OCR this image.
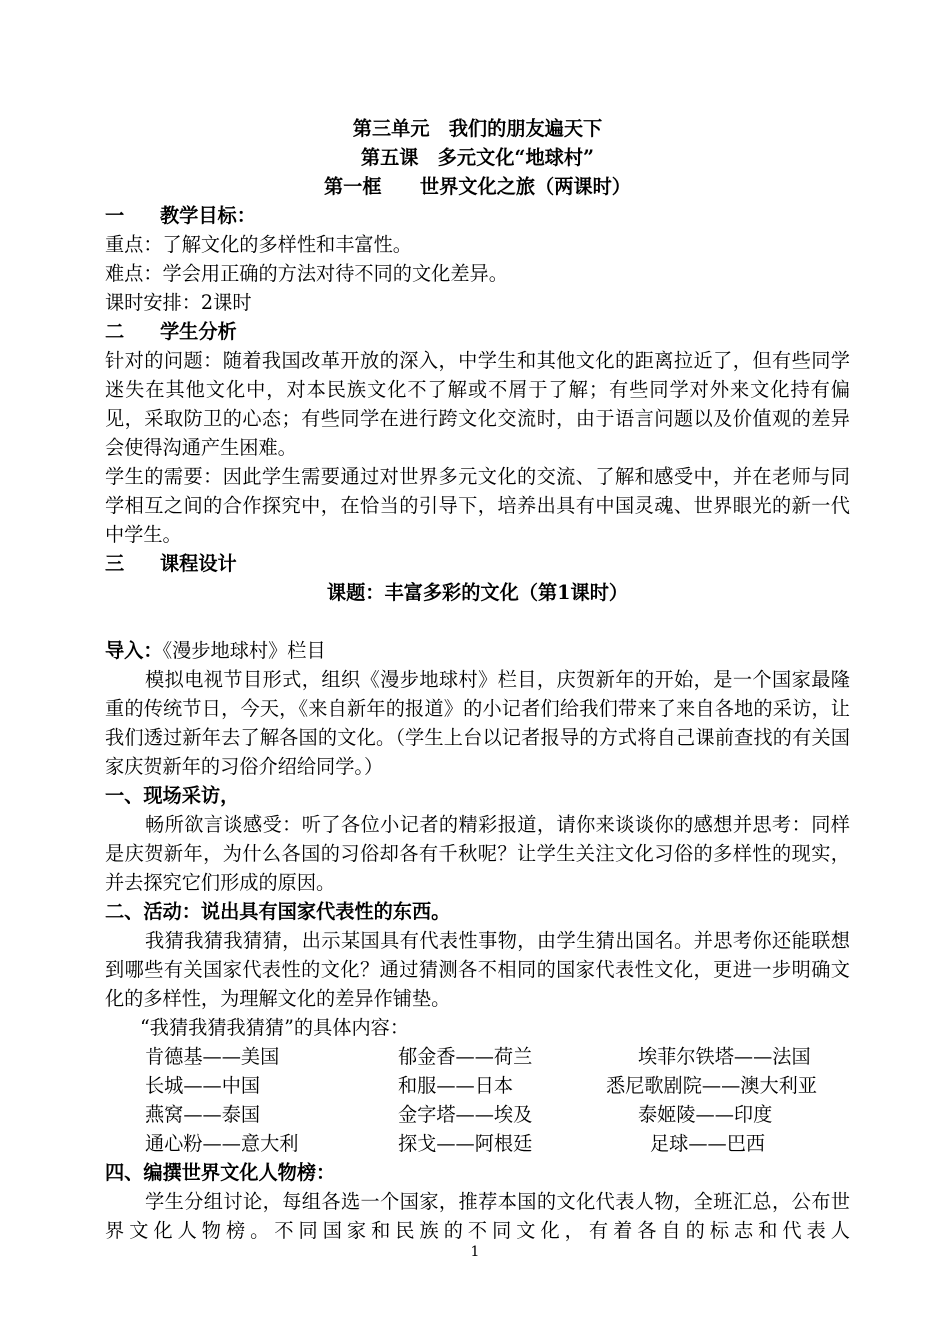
第三单元　我们的朋友遍天下
第五课　多元文化“地球村”
第一框　　世界文化之旅（两课时）
一 教学目标：
重点：了解文化的多样性和丰富性。
难点：学会用正确的方法对待不同的文化差异。
课时安排：2课时
二 学生分析
针对的问题：随着我国改革开放的深入，中学生和其他文化的距离拉近了，但有些同学迷失在其他文化中，对本民族文化不了解或不屑于了解；有些同学对外来文化持有偏见，采取防卫的心态；有些同学在进行跨文化交流时，由于语言问题以及价值观的差异会使得沟通产生困难。
学生的需要：因此学生需要通过对世界多元文化的交流、了解和感受中，并在老师与同学相互之间的合作探究中，在恰当的引导下，培养出具有中国灵魂、世界眼光的新一代中学生。
三 课程设计
课题：丰富多彩的文化（第1课时）
导入：《漫步地球村》栏目
模拟电视节目形式，组织《漫步地球村》栏目，庆贺新年的开始，是一个国家最隆重的传统节日，今天，《来自新年的报道》的小记者们给我们带来了来自各地的采访，让我们透过新年去了解各国的文化。（学生上台以记者报导的方式将自己课前查找的有关国家庆贺新年的习俗介绍给同学。）
一、现场采访，
畅所欲言谈感受：听了各位小记者的精彩报道，请你来谈谈你的感想并思考：同样是庆贺新年，为什么各国的习俗却各有千秋呢？让学生关注文化习俗的多样性的现实，并去探究它们形成的原因。
二、活动：说出具有国家代表性的东西。
我猜我猜我猜猜，出示某国具有代表性事物，由学生猜出国名。并思考你还能联想到哪些有关国家代表性的文化？通过猜测各不相同的国家代表性文化，更进一步明确文化的多样性，为理解文化的差异作铺垫。
“我猜我猜我猜猜”的具体内容：
肯德基——美国	郁金香——荷兰	埃菲尔铁塔——法国
长城——中国	和服——日本	悉尼歌剧院——澳大利亚
燕窝——泰国	金字塔——埃及	泰姬陵——印度
通心粉——意大利	探戈——阿根廷	足球——巴西
四、编撰世界文化人物榜：
学生分组讨论，每组各选一个国家，推荐本国的文化代表人物，全班汇总，公布世界文化人物榜。不同国家和民族的不同文化，有着各自的标志和代表人
1
